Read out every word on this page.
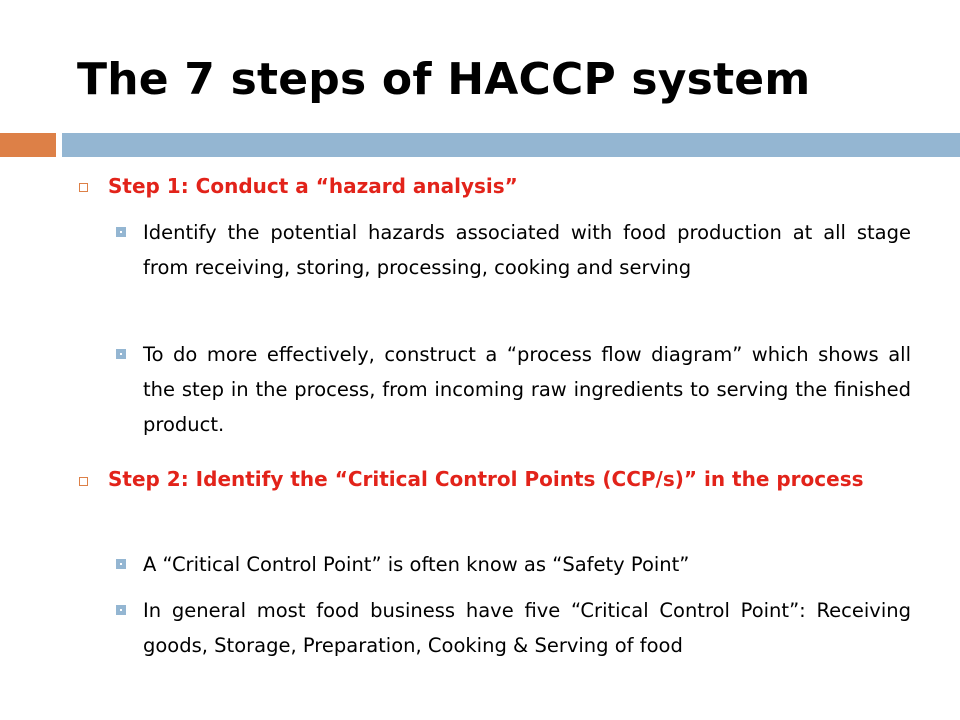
The 7 steps of HACCP system
Step 1: Conduct a “hazard analysis”
Identify the potential hazards associated with food production at all stage from receiving, storing, processing, cooking and serving
To do more effectively, construct a “process flow diagram” which shows all the step in the process, from incoming raw ingredients to serving the finished product.
Step 2: Identify the “Critical Control Points (CCP/s)” in the process
A “Critical Control Point” is often know as “Safety Point”
In general most food business have five “Critical Control Point”: Receiving goods, Storage, Preparation, Cooking & Serving of food
